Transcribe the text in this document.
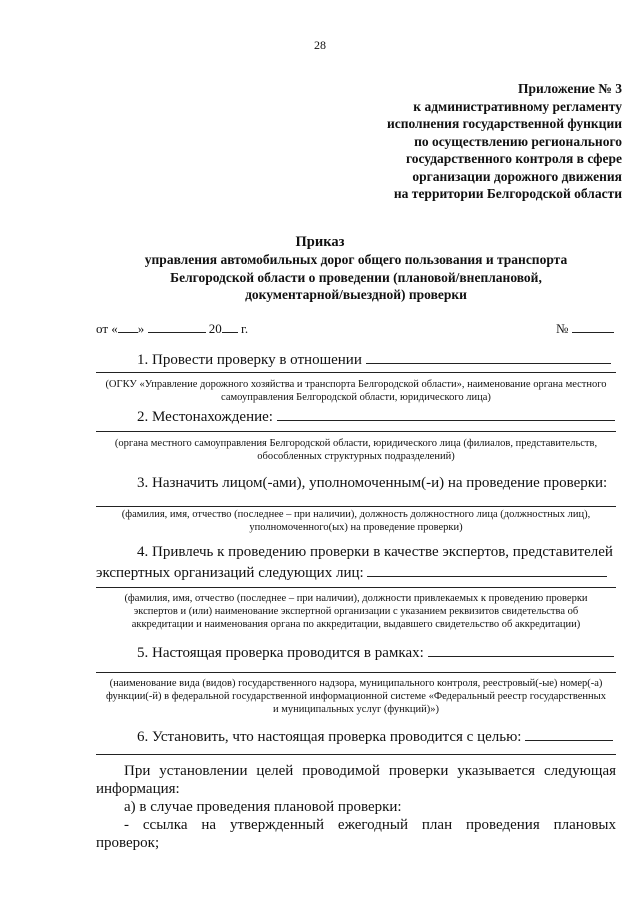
28
Приложение № 3
к административному регламенту
исполнения государственной функции
по осуществлению регионального
государственного контроля в сфере
организации дорожного движения
на территории Белгородской области
Приказ
управления автомобильных дорог общего пользования и транспорта
Белгородской области о проведении (плановой/внеплановой,
документарной/выездной) проверки
от « »	20 г.	№
1. Провести проверку в отношении
(ОГКУ «Управление дорожного хозяйства и транспорта Белгородской области», наименование органа местного
самоуправления Белгородской области, юридического лица)
2. Местонахождение:
(органа местного самоуправления Белгородской области, юридического лица (филиалов, представительств,
обособленных структурных подразделений)
3. Назначить лицом(-ами), уполномоченным(-и) на проведение проверки:
(фамилия, имя, отчество (последнее – при наличии), должность должностного лица (должностных лиц),
уполномоченного(ых) на проведение проверки)
4. Привлечь к проведению проверки в качестве экспертов, представителей
экспертных организаций следующих лиц:
(фамилия, имя, отчество (последнее – при наличии), должности привлекаемых к проведению проверки
экспертов и (или) наименование экспертной организации с указанием реквизитов свидетельства об
аккредитации и наименования органа по аккредитации, выдавшего свидетельство об аккредитации)
5. Настоящая проверка проводится в рамках:
(наименование вида (видов) государственного надзора, муниципального контроля, реестровый(-ые) номер(-а)
функции(-й) в федеральной государственной информационной системе «Федеральный реестр государственных
и муниципальных услуг (функций)»)
6. Установить, что настоящая проверка проводится с целью:
При установлении целей проводимой проверки указывается следующая
информация:
а) в случае проведения плановой проверки:
- ссылка на утвержденный ежегодный план проведения плановых
проверок;
